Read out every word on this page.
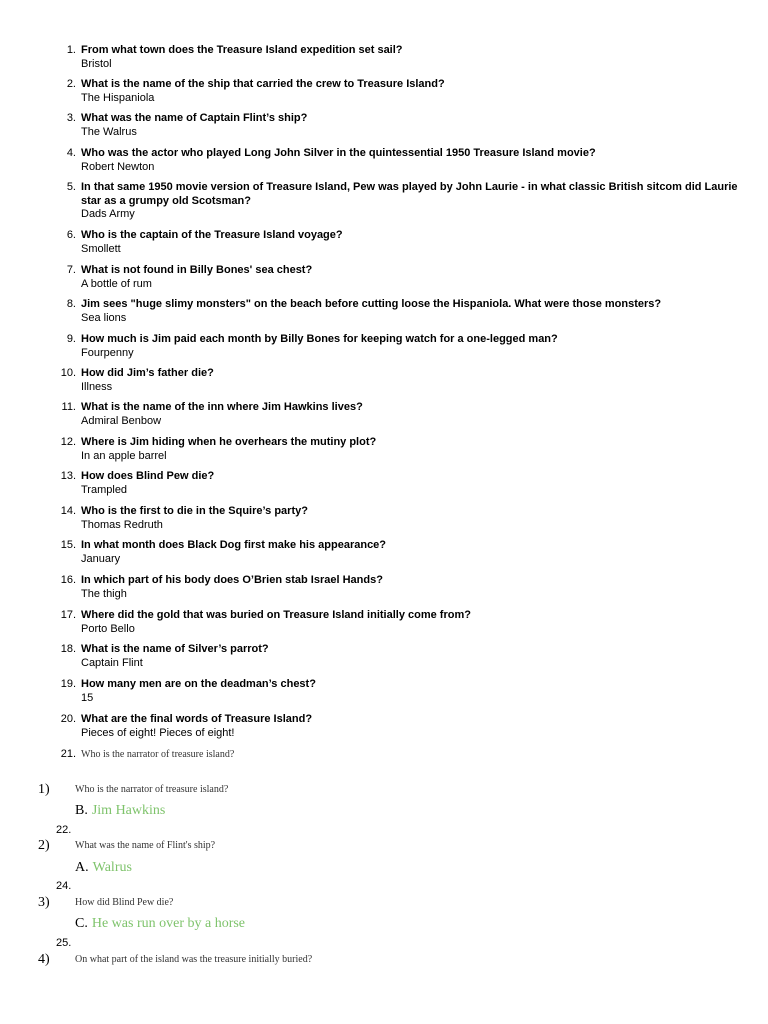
1. From what town does the Treasure Island expedition set sail?
Bristol
2. What is the name of the ship that carried the crew to Treasure Island?
The Hispaniola
3. What was the name of Captain Flint’s ship?
The Walrus
4. Who was the actor who played Long John Silver in the quintessential 1950 Treasure Island movie?
Robert Newton
5. In that same 1950 movie version of Treasure Island, Pew was played by John Laurie - in what classic British sitcom did Laurie star as a grumpy old Scotsman?
Dads Army
6. Who is the captain of the Treasure Island voyage?
Smollett
7. What is not found in Billy Bones' sea chest?
A bottle of rum
8. Jim sees "huge slimy monsters" on the beach before cutting loose the Hispaniola. What were those monsters?
Sea lions
9. How much is Jim paid each month by Billy Bones for keeping watch for a one-legged man?
Fourpenny
10. How did Jim’s father die?
Illness
11. What is the name of the inn where Jim Hawkins lives?
Admiral Benbow
12. Where is Jim hiding when he overhears the mutiny plot?
In an apple barrel
13. How does Blind Pew die?
Trampled
14. Who is the first to die in the Squire’s party?
Thomas Redruth
15. In what month does Black Dog first make his appearance?
January
16. In which part of his body does O’Brien stab Israel Hands?
The thigh
17. Where did the gold that was buried on Treasure Island initially come from?
Porto Bello
18. What is the name of Silver’s parrot?
Captain Flint
19. How many men are on the deadman’s chest?
15
20. What are the final words of Treasure Island?
Pieces of eight! Pieces of eight!
21. Who is the narrator of treasure island?
1)	Who is the narrator of treasure island?
B. Jim Hawkins
22.
2)	What was the name of Flint's ship?
A. Walrus
24.
3)	How did Blind Pew die?
C. He was run over by a horse
25.
4)	On what part of the island was the treasure initially buried?
